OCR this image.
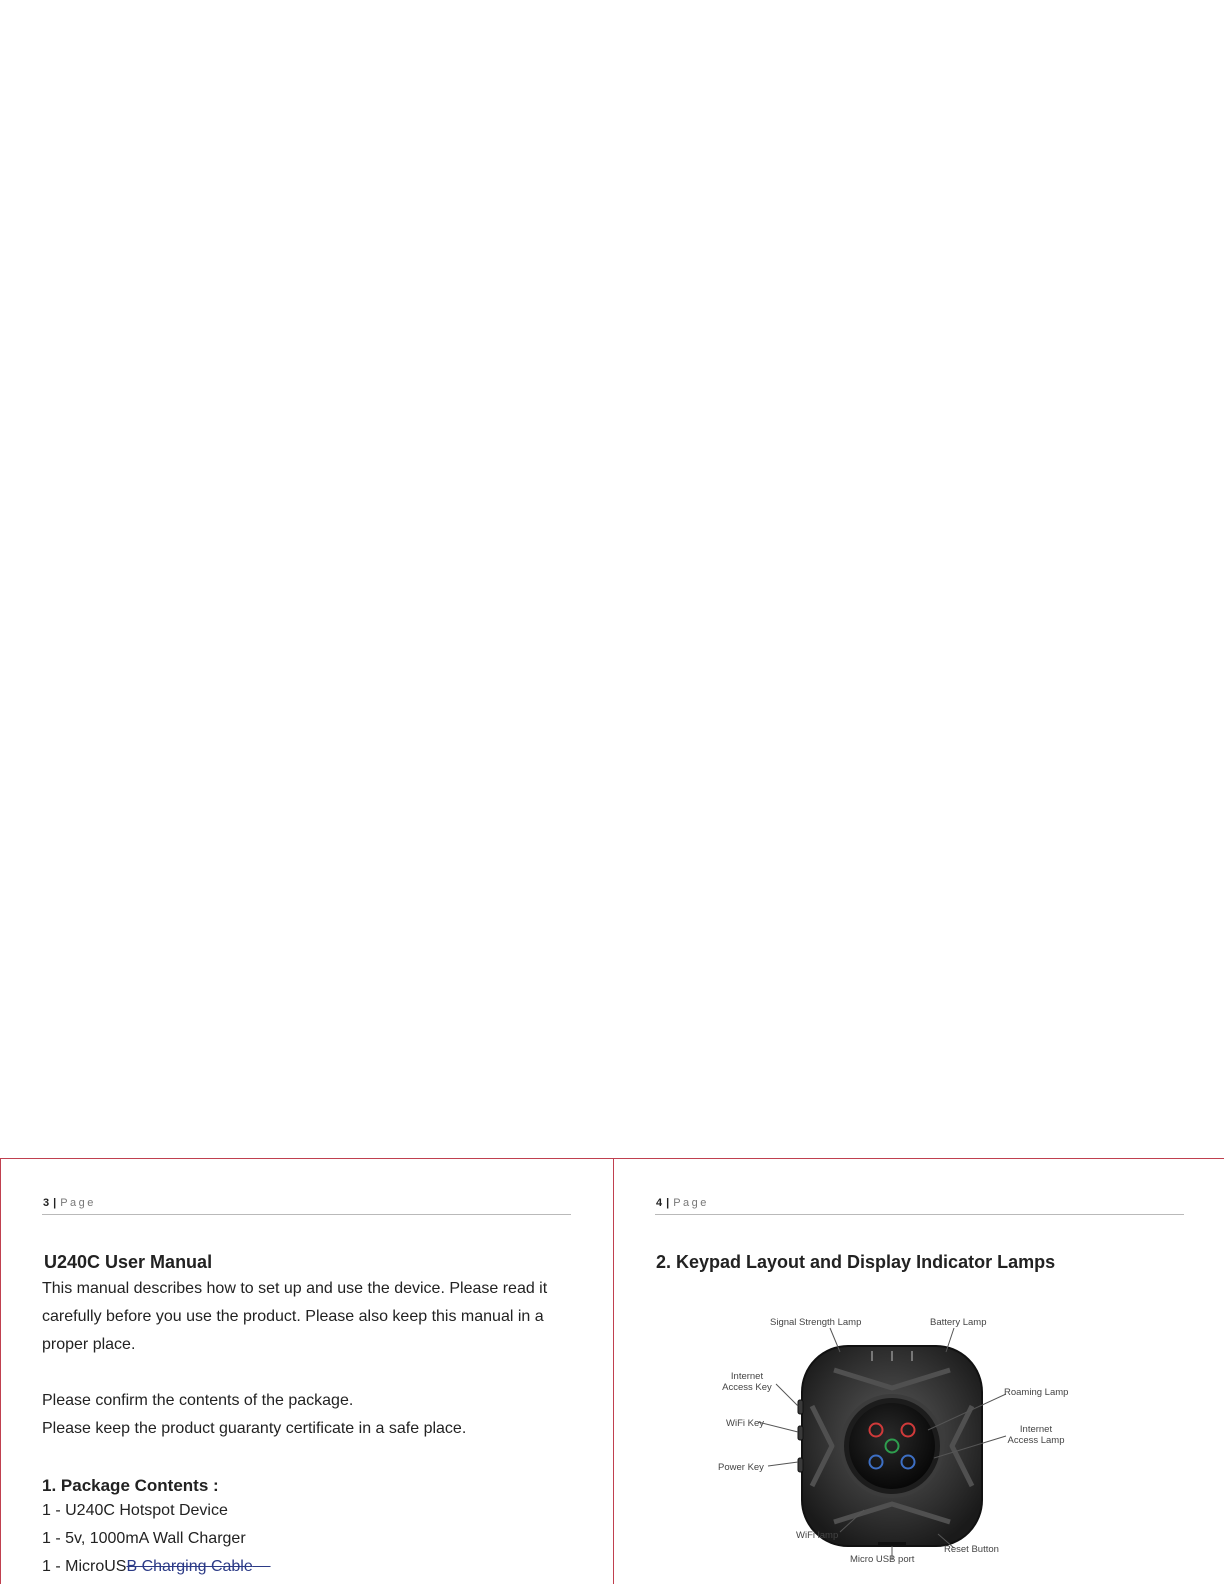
3 | Page
U240C User Manual

This manual describes how to set up and use the device. Please read it carefully before you use the product. Please also keep this manual in a proper place.

Please confirm the contents of the package.

Please keep the product guaranty certificate in a safe place.

1. Package Contents :
1 - U240C Hotspot Device
1 - 5v, 1000mA Wall Charger
1 - MicroUSB Charging Cable
4 | Page
2. Keypad Layout and Display Indicator Lamps
Signal Strength Lamp	Battery Lamp
Internet
Access Key	Roaming Lamp
Internet
Access Lamp
WiFi Key
Power Key
WiFi lamp
Reset Button
Micro USB port
